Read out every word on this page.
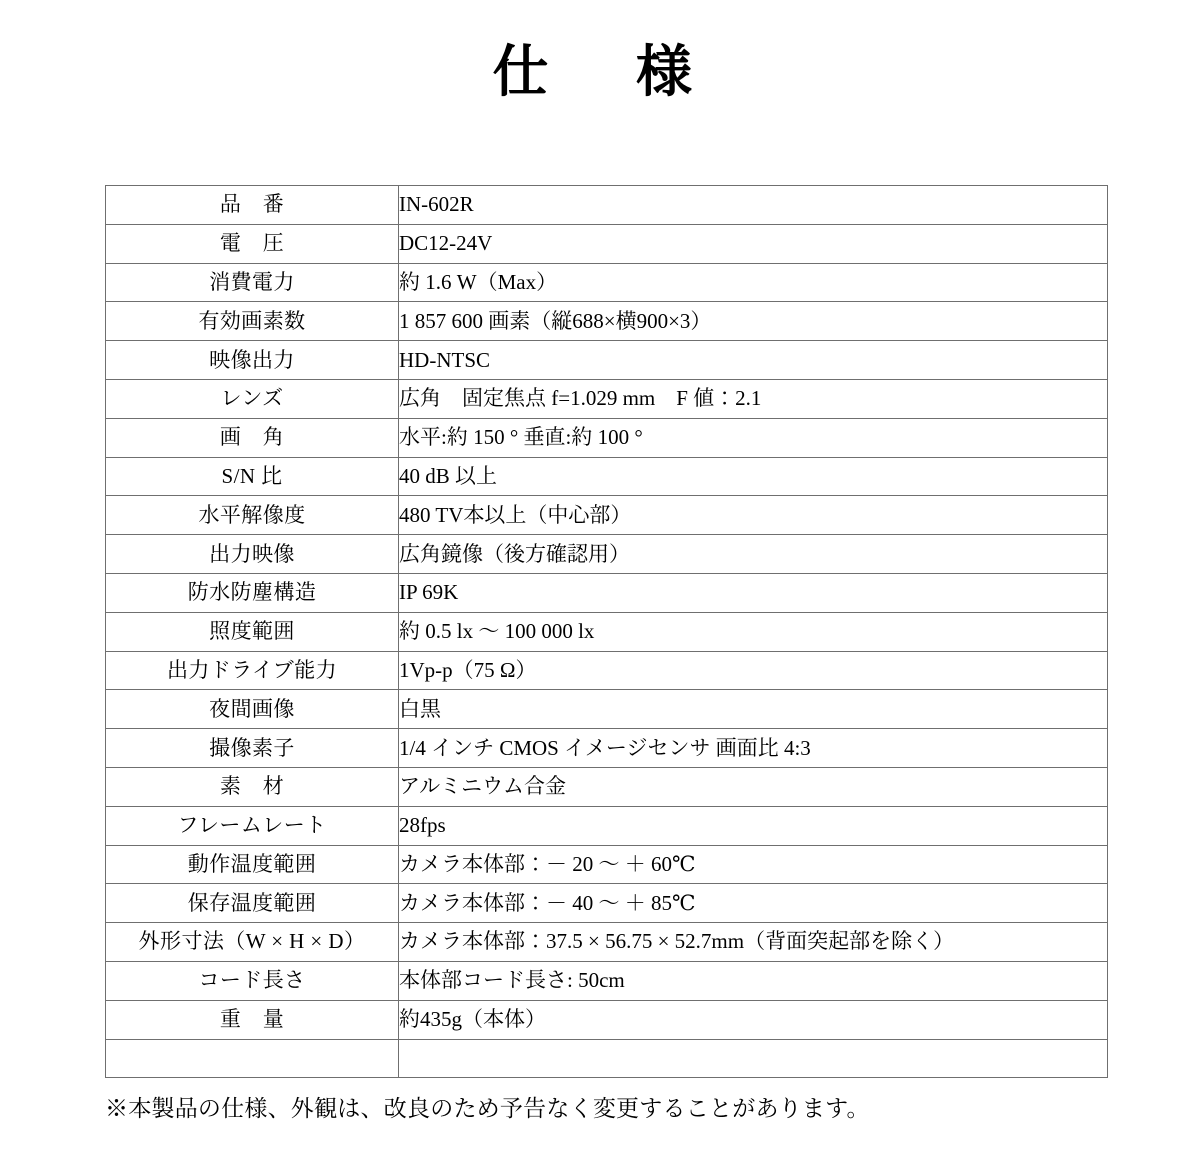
仕　様
品　番	IN-602R
電　圧	DC12-24V
消費電力	約 1.6 W（Max）
有効画素数	1 857 600 画素（縦688×横900×3）
映像出力	HD-NTSC
レンズ	広角　固定焦点 f=1.029 mm　F 値：2.1
画　角	水平:約 150 ° 垂直:約 100 °
S/N 比	40 dB 以上
水平解像度	480 TV本以上（中心部）
出力映像	広角鏡像（後方確認用）
防水防塵構造	IP 69K
照度範囲	約 0.5 lx ～ 100 000 lx
出力ドライブ能力	1Vp-p（75 Ω）
夜間画像	白黒
撮像素子	1/4 インチ CMOS イメージセンサ 画面比 4:3
素　材	アルミニウム合金
フレームレート	28fps
動作温度範囲	カメラ本体部：－ 20 ～ ＋ 60℃
保存温度範囲	カメラ本体部：－ 40 ～ ＋ 85℃
外形寸法（W × H × D）	カメラ本体部：37.5 × 56.75 × 52.7mm（背面突起部を除く）
コード長さ	本体部コード長さ: 50cm
重　量	約435g（本体）

※本製品の仕様、外観は、改良のため予告なく変更することがあります。
